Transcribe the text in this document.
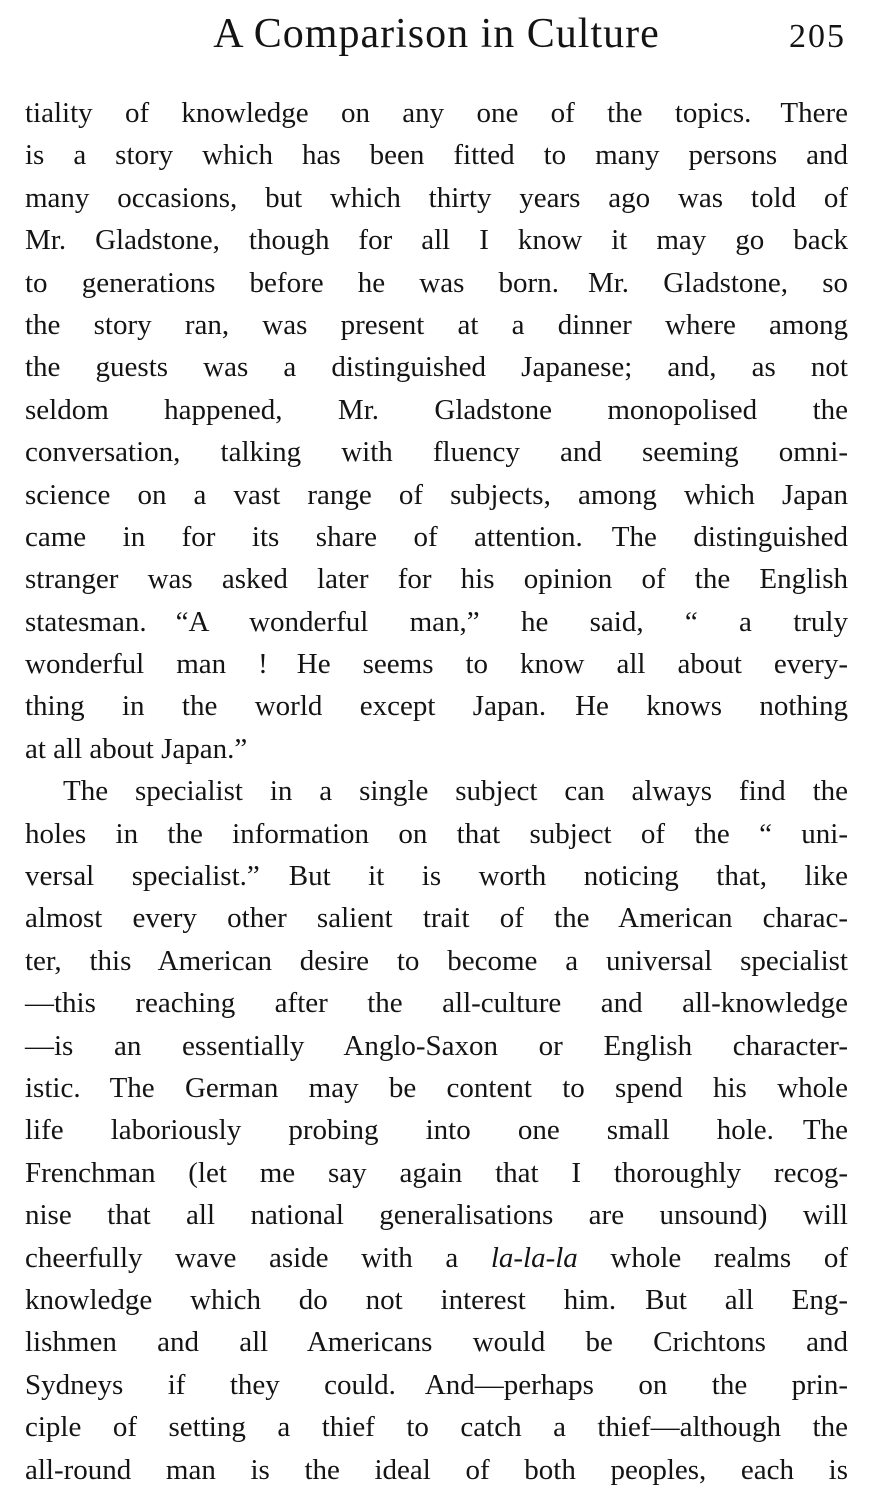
A Comparison in Culture	205
tiality of knowledge on any one of the topics. There
is a story which has been fitted to many persons and
many occasions, but which thirty years ago was told of
Mr. Gladstone, though for all I know it may go back
to generations before he was born. Mr. Gladstone, so
the story ran, was present at a dinner where among
the guests was a distinguished Japanese; and, as not
seldom happened, Mr. Gladstone monopolised the
conversation, talking with fluency and seeming omni-
science on a vast range of subjects, among which Japan
came in for its share of attention. The distinguished
stranger was asked later for his opinion of the English
statesman. “A wonderful man,” he said, “ a truly
wonderful man ! He seems to know all about every-
thing in the world except Japan. He knows nothing
at all about Japan.”
The specialist in a single subject can always find the
holes in the information on that subject of the “ uni-
versal specialist.” But it is worth noticing that, like
almost every other salient trait of the American charac-
ter, this American desire to become a universal specialist
—this reaching after the all-culture and all-knowledge
—is an essentially Anglo-Saxon or English character-
istic. The German may be content to spend his whole
life laboriously probing into one small hole. The
Frenchman (let me say again that I thoroughly recog-
nise that all national generalisations are unsound) will
cheerfully wave aside with a la-la-la whole realms of
knowledge which do not interest him. But all Eng-
lishmen and all Americans would be Crichtons and
Sydneys if they could. And—perhaps on the prin-
ciple of setting a thief to catch a thief—although the
all-round man is the ideal of both peoples, each is
